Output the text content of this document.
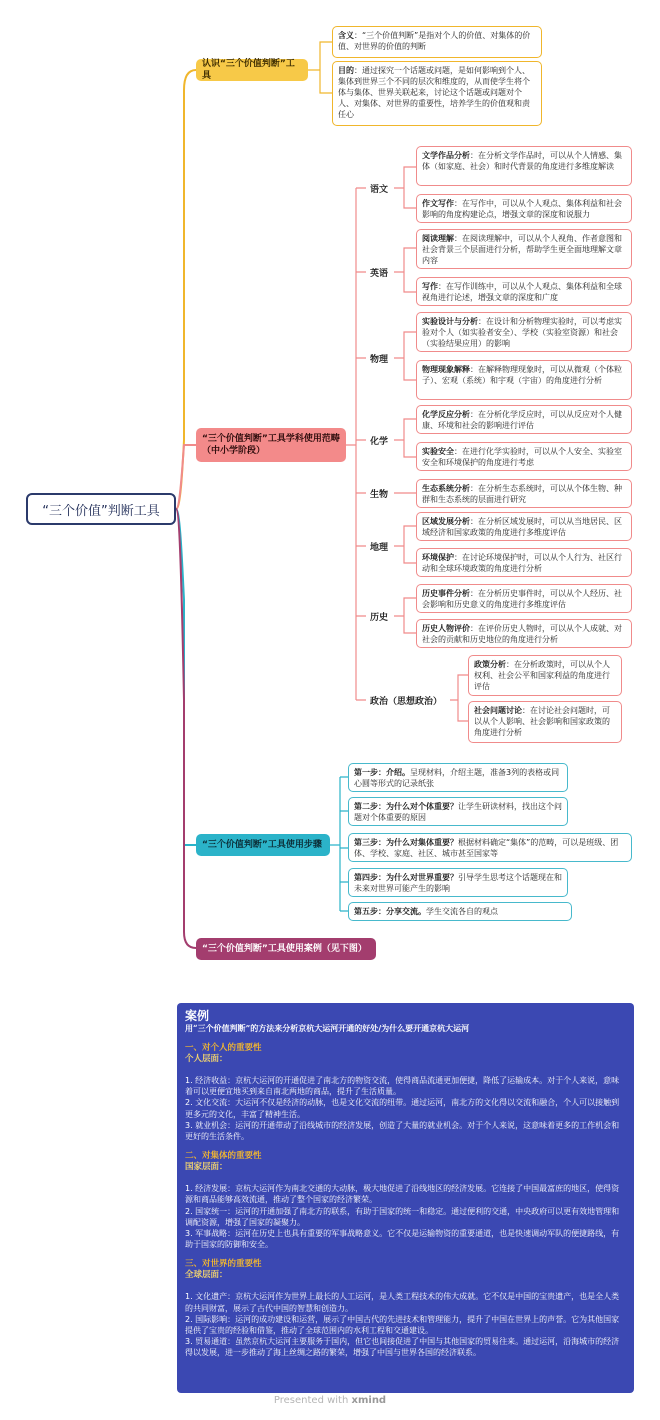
“三个价值”判断工具
认识“三个价值判断”工具
“三个价值判断”工具学科使用范畴（中小学阶段）
“三个价值判断”工具使用步骤
“三个价值判断”工具使用案例（见下图）
含义：“三个价值判断”是指对个人的价值、对集体的价值、对世界的价值的判断
目的：通过探究一个话题或问题，是如何影响到个人、集体到世界三个不同的层次和维度的，从而使学生将个体与集体、世界关联起来，讨论这个话题或问题对个人、对集体、对世界的重要性，培养学生的价值观和责任心
语文
英语
物理
化学
生物
地理
历史
政治（思想政治）
文学作品分析：在分析文学作品时，可以从个人情感、集体（如家庭、社会）和时代背景的角度进行多维度解读
作文写作：在写作中，可以从个人观点、集体利益和社会影响的角度构建论点，增强文章的深度和说服力
阅读理解：在阅读理解中，可以从个人视角、作者意图和社会背景三个层面进行分析，帮助学生更全面地理解文章内容
写作：在写作训练中，可以从个人观点、集体利益和全球视角进行论述，增强文章的深度和广度
实验设计与分析：在设计和分析物理实验时，可以考虑实验对个人（如实验者安全）、学校（实验室资源）和社会（实验结果应用）的影响
物理现象解释：在解释物理现象时，可以从微观（个体粒子）、宏观（系统）和宇观（宇宙）的角度进行分析
化学反应分析：在分析化学反应时，可以从反应对个人健康、环境和社会的影响进行评估
实验安全：在进行化学实验时，可以从个人安全、实验室安全和环境保护的角度进行考虑
生态系统分析：在分析生态系统时，可以从个体生物、种群和生态系统的层面进行研究
区域发展分析：在分析区域发展时，可以从当地居民、区域经济和国家政策的角度进行多维度评估
环境保护：在讨论环境保护时，可以从个人行为、社区行动和全球环境政策的角度进行分析
历史事件分析：在分析历史事件时，可以从个人经历、社会影响和历史意义的角度进行多维度评估
历史人物评价：在评价历史人物时，可以从个人成就、对社会的贡献和历史地位的角度进行分析
政策分析：在分析政策时，可以从个人权利、社会公平和国家利益的角度进行评估
社会问题讨论：在讨论社会问题时，可以从个人影响、社会影响和国家政策的角度进行分析
第一步：介绍。呈现材料，介绍主题，准备3列的表格或同心圆等形式的记录纸张
第二步：为什么对个体重要？让学生研读材料，找出这个问题对个体重要的原因
第三步：为什么对集体重要？根据材料确定“集体”的范畴，可以是班级、团体、学校、家庭、社区、城市甚至国家等
第四步：为什么对世界重要？引导学生思考这个话题现在和未来对世界可能产生的影响
第五步：分享交流。学生交流各自的观点
案例
用“三个价值判断”的方法来分析京杭大运河开通的好处/为什么要开通京杭大运河
一、对个人的重要性
个人层面：

1. 经济收益：京杭大运河的开通促进了南北方的物资交流，使得商品流通更加便捷，降低了运输成本。对于个人来说，意味着可以更便宜地买到来自南北两地的商品，提升了生活质量。

2. 文化交流：大运河不仅是经济的动脉，也是文化交流的纽带。通过运河，南北方的文化得以交流和融合，个人可以接触到更多元的文化，丰富了精神生活。

3. 就业机会：运河的开通带动了沿线城市的经济发展，创造了大量的就业机会。对于个人来说，这意味着更多的工作机会和更好的生活条件。

二、对集体的重要性
国家层面：

1. 经济发展：京杭大运河作为南北交通的大动脉，极大地促进了沿线地区的经济发展。它连接了中国最富庶的地区，使得资源和商品能够高效流通，推动了整个国家的经济繁荣。

2. 国家统一：运河的开通加强了南北方的联系，有助于国家的统一和稳定。通过便利的交通，中央政府可以更有效地管理和调配资源，增强了国家的凝聚力。

3. 军事战略：运河在历史上也具有重要的军事战略意义。它不仅是运输物资的重要通道，也是快速调动军队的便捷路线，有助于国家的防御和安全。

三、对世界的重要性
全球层面：

1. 文化遗产：京杭大运河作为世界上最长的人工运河，是人类工程技术的伟大成就。它不仅是中国的宝贵遗产，也是全人类的共同财富，展示了古代中国的智慧和创造力。

2. 国际影响：运河的成功建设和运营，展示了中国古代的先进技术和管理能力，提升了中国在世界上的声誉。它为其他国家提供了宝贵的经验和借鉴，推动了全球范围内的水利工程和交通建设。

3. 贸易通道：虽然京杭大运河主要服务于国内，但它也间接促进了中国与其他国家的贸易往来。通过运河，沿海城市的经济得以发展，进一步推动了海上丝绸之路的繁荣，增强了中国与世界各国的经济联系。

Presented with xmind
